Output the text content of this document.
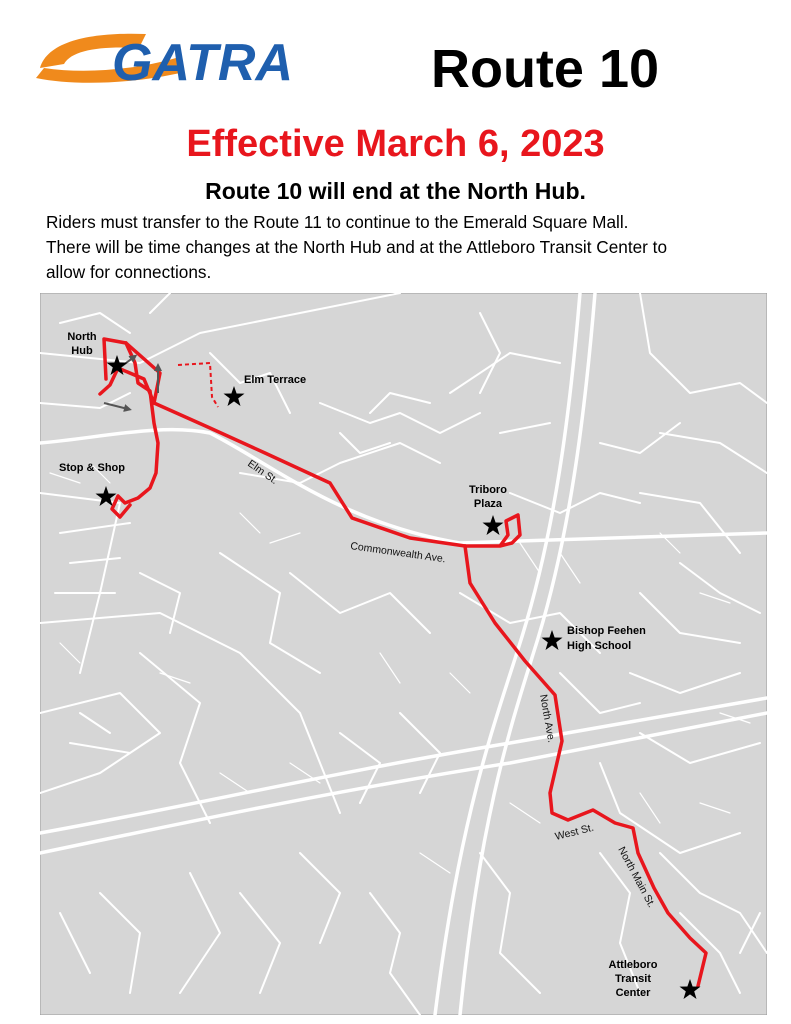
GATRA	Route 10
Effective March 6, 2023
Route 10 will end at the North Hub.

Riders must transfer to the Route 11 to continue to the Emerald Square Mall.

There will be time changes at the North Hub and at the Attleboro Transit Center to

allow for connections.

North
Hub
Elm Terrace
Stop & Shop
Triboro
Plaza
Bishop Feehen
High School
Attleboro
Transit
Center
Elm St.
Commonwealth Ave.
North Ave.
West St.
North Main St.
